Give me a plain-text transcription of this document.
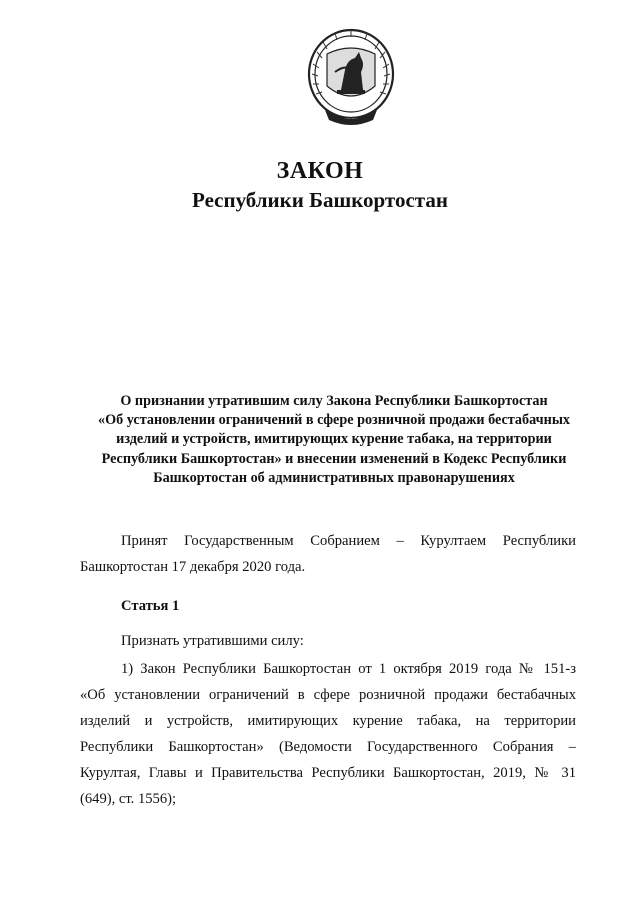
·········
ЗАКОН
Республики Башкортостан
О признании утратившим силу Закона Республики Башкортостан
«Об установлении ограничений в сфере розничной продажи бестабачных
изделий и устройств, имитирующих курение табака, на территории
Республики Башкортостан» и внесении изменений в Кодекс Республики
Башкортостан об административных правонарушениях
Принят Государственным Собранием – Курултаем Республики
Башкортостан 17 декабря 2020 года.
Статья 1
Признать утратившими силу:
1) Закон Республики Башкортостан от 1 октября 2019 года № 151-з
«Об установлении ограничений в сфере розничной продажи бестабачных
изделий и устройств, имитирующих курение табака, на территории
Республики Башкортостан» (Ведомости Государственного Собрания –
Курултая, Главы и Правительства Республики Башкортостан, 2019, № 31
(649), ст. 1556);
